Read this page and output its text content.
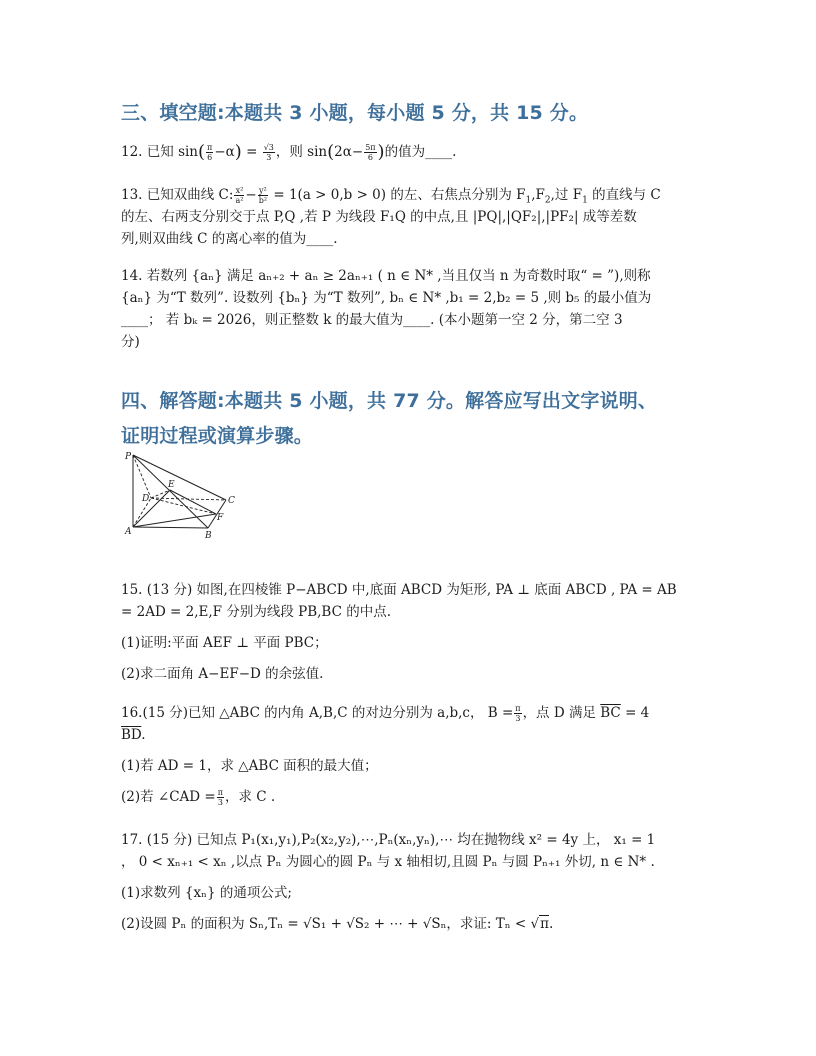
三、填空题:本题共 3 小题，每小题 5 分，共 15 分。
12. 已知 $\sin( \frac{\pi}{6} -\alpha) = \frac{√3}{3}$ ，则 $\sin(2\alpha- \frac{5\pi}{6}$ )的值为____.
13. 已知双曲线 C: $\frac{\text{x²}}{\text{a²}} - \frac{\text{y²}}{\text{b²}} = 1(a > 0,b > 0)$ 的左、右焦点分别为 $F_1,F_2$,过 $F_1$ 的直线与 C
的左、右两支分别交于点 P,Q ,若 P 为线段 F₁Q 的中点,且 |PQ|,|QF₂|,|PF₂| 成等差数
列,则双曲线 C 的离心率的值为____.
14. 若数列 {aₙ} 满足 aₙ₊₂ + aₙ ≥ 2aₙ₊₁ ( n ∈ N* ,当且仅当 n 为奇数时取“ = ”),则称
{aₙ} 为“T 数列”. 设数列 {bₙ} 为“T 数列”, bₙ ∈ N* ,b₁ = 2,b₂ = 5 ,则 b₅ 的最小值为
____； 若 bₖ = 2026，则正整数 k 的最大值为____. (本小题第一空 2 分，第二空 3
分)
四、解答题:本题共 5 小题，共 77 分。解答应写出文字说明、
证明过程或演算步骤。
P
E
D	C
F
A	B
15. (13 分) 如图,在四棱锥 P−ABCD 中,底面 ABCD 为矩形, PA ⊥ 底面 ABCD , PA = AB
= 2AD = 2,E,F 分别为线段 PB,BC 的中点.
(1)证明:平面 AEF ⊥ 平面 PBC；
(2)求二面角 A−EF−D 的余弦值.
16.(15 分)已知 △ABC 的内角 A,B,C 的对边分别为 a,b,c， $B = \frac{\pi}{3}$ ，点 D 满足 $\overline{BC} = 4$
$\overline{BD}$.
(1)若 AD = 1，求 △ABC 面积的最大值；
(2)若 ∠CAD = $\frac{\pi}{3}$ ，求 C .
17. (15 分) 已知点 P₁(x₁,y₁),P₂(x₂,y₂),⋯,Pₙ(xₙ,yₙ),⋯ 均在抛物线 x² = 4y 上， x₁ = 1
， 0 < xₙ₊₁ < xₙ ,以点 Pₙ 为圆心的圆 Pₙ 与 x 轴相切,且圆 Pₙ 与圆 Pₙ₊₁ 外切, n ∈ N* .
(1)求数列 {xₙ} 的通项公式;
(2)设圆 Pₙ 的面积为 Sₙ,Tₙ = √S₁ + √S₂ + ⋯ + √Sₙ，求证: Tₙ < √π.
